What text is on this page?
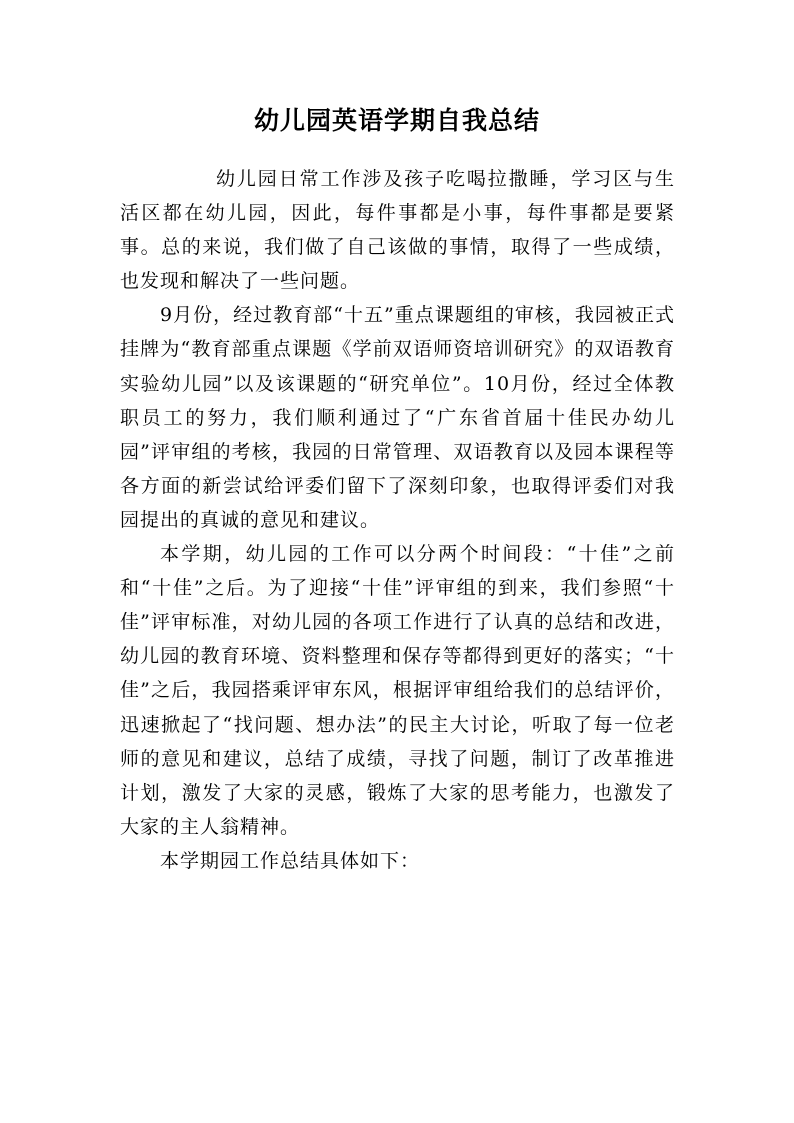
幼儿园英语学期自我总结

幼儿园日常工作涉及孩子吃喝拉撒睡，学习区与生活区都在幼儿园，因此，每件事都是小事，每件事都是要紧事。总的来说，我们做了自己该做的事情，取得了一些成绩，也发现和解决了一些问题。

9月份，经过教育部“十五”重点课题组的审核，我园被正式挂牌为“教育部重点课题《学前双语师资培训研究》的双语教育实验幼儿园”以及该课题的“研究单位”。10月份，经过全体教职员工的努力，我们顺利通过了“广东省首届十佳民办幼儿园”评审组的考核，我园的日常管理、双语教育以及园本课程等各方面的新尝试给评委们留下了深刻印象，也取得评委们对我园提出的真诚的意见和建议。

本学期，幼儿园的工作可以分两个时间段：“十佳”之前和“十佳”之后。为了迎接“十佳”评审组的到来，我们参照“十佳”评审标准，对幼儿园的各项工作进行了认真的总结和改进，幼儿园的教育环境、资料整理和保存等都得到更好的落实；“十佳”之后，我园搭乘评审东风，根据评审组给我们的总结评价，迅速掀起了“找问题、想办法”的民主大讨论，听取了每一位老师的意见和建议，总结了成绩，寻找了问题，制订了改革推进计划，激发了大家的灵感，锻炼了大家的思考能力，也激发了大家的主人翁精神。

本学期园工作总结具体如下：
